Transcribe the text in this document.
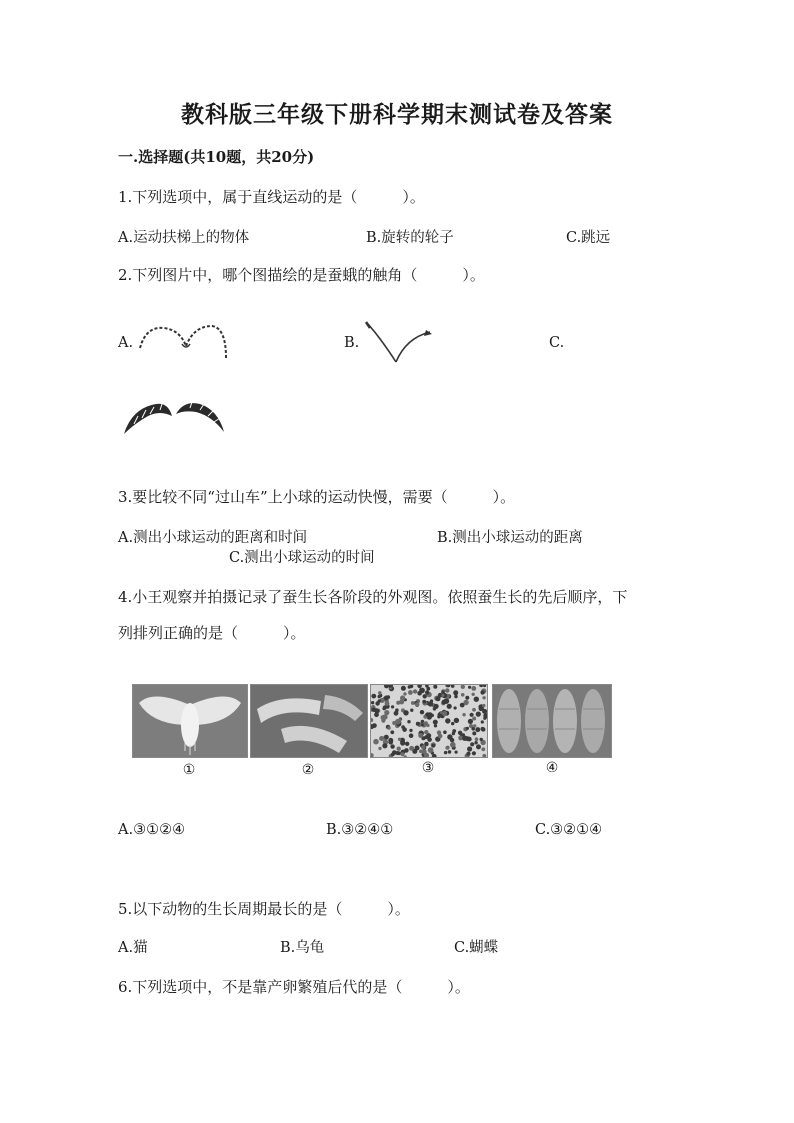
教科版三年级下册科学期末测试卷及答案
一.选择题(共10题，共20分)
1.下列选项中，属于直线运动的是（　　　）。
A.运动扶梯上的物体	B.旋转的轮子	C.跳远
2.下列图片中，哪个图描绘的是蚕蛾的触角（　　　）。
A.	B.	C.
3.要比较不同“过山车”上小球的运动快慢，需要（　　　）。
A.测出小球运动的距离和时间	B.测出小球运动的距离
C.测出小球运动的时间
4.小王观察并拍摄记录了蚕生长各阶段的外观图。依照蚕生长的先后顺序，下
列排列正确的是（　　　）。
①	②	③	④
A.③①②④	B.③②④①	C.③②①④
5.以下动物的生长周期最长的是（　　　）。
A.猫	B.乌龟	C.蝴蝶
6.下列选项中，不是靠产卵繁殖后代的是（　　　）。
